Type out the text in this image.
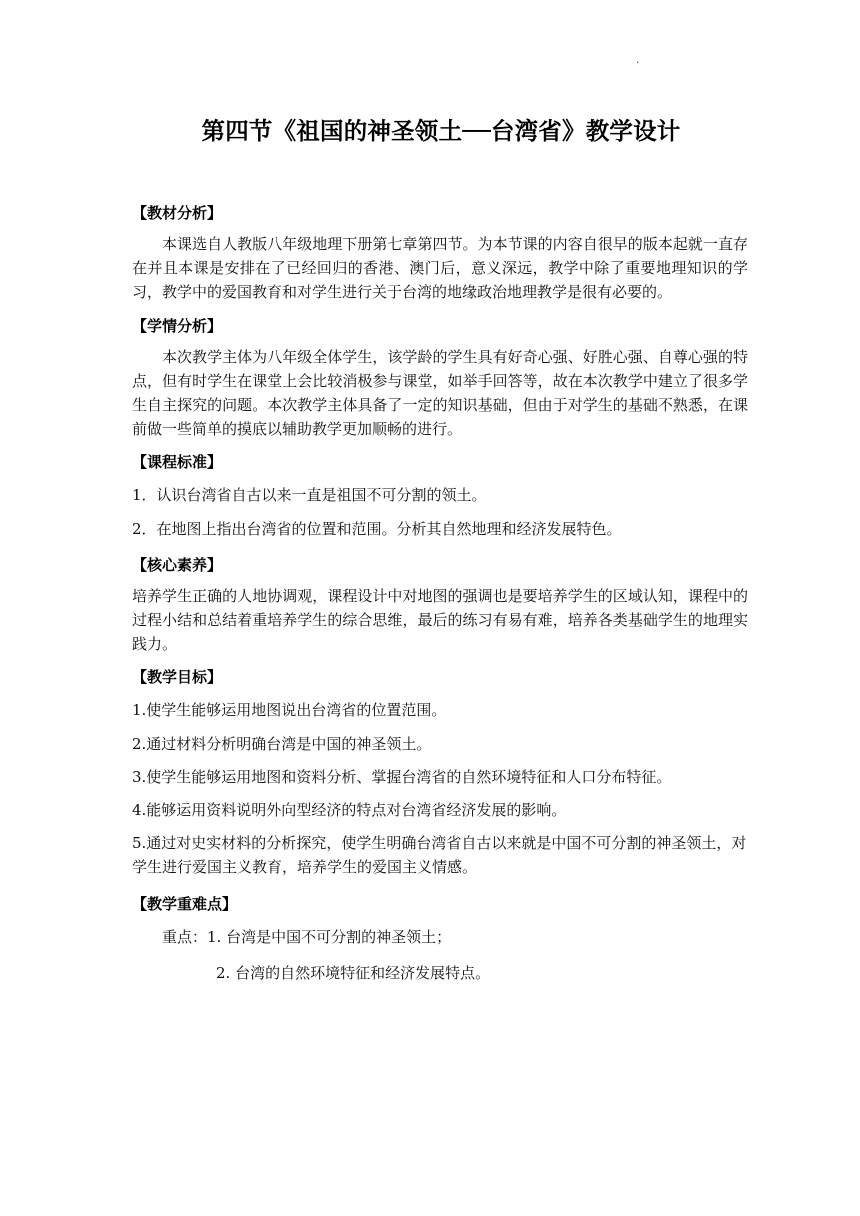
·
第四节《祖国的神圣领土──台湾省》教学设计
【教材分析】

本课选自人教版八年级地理下册第七章第四节。为本节课的内容自很早的版本起就一直存在并且本课是安排在了已经回归的香港、澳门后，意义深远，教学中除了重要地理知识的学习，教学中的爱国教育和对学生进行关于台湾的地缘政治地理教学是很有必要的。

【学情分析】

本次教学主体为八年级全体学生，该学龄的学生具有好奇心强、好胜心强、自尊心强的特点，但有时学生在课堂上会比较消极参与课堂，如举手回答等，故在本次教学中建立了很多学生自主探究的问题。本次教学主体具备了一定的知识基础，但由于对学生的基础不熟悉，在课前做一些简单的摸底以辅助教学更加顺畅的进行。

【课程标准】

1．认识台湾省自古以来一直是祖国不可分割的领土。

2．在地图上指出台湾省的位置和范围。分析其自然地理和经济发展特色。

【核心素养】

培养学生正确的人地协调观，课程设计中对地图的强调也是要培养学生的区域认知，课程中的过程小结和总结着重培养学生的综合思维，最后的练习有易有难，培养各类基础学生的地理实践力。

【教学目标】

1.使学生能够运用地图说出台湾省的位置范围。

2.通过材料分析明确台湾是中国的神圣领土。

3.使学生能够运用地图和资料分析、掌握台湾省的自然环境特征和人口分布特征。

4.能够运用资料说明外向型经济的特点对台湾省经济发展的影响。

5.通过对史实材料的分析探究，使学生明确台湾省自古以来就是中国不可分割的神圣领土，对学生进行爱国主义教育，培养学生的爱国主义情感。

【教学重难点】

重点：1. 台湾是中国不可分割的神圣领土；

2. 台湾的自然环境特征和经济发展特点。
